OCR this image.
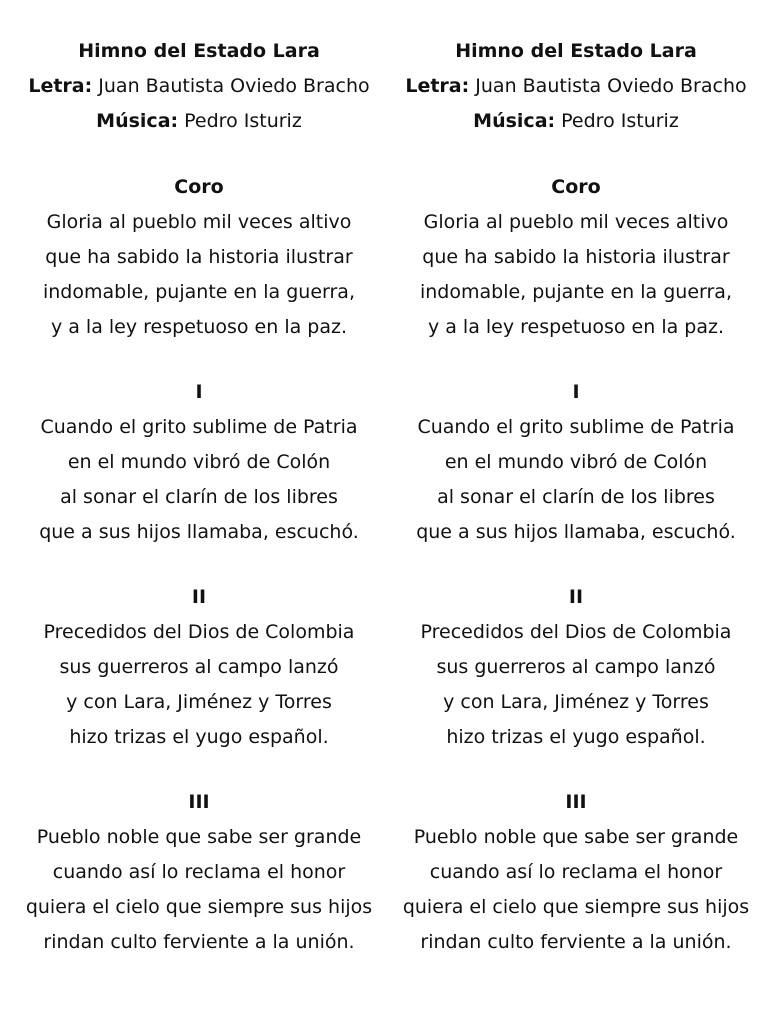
Himno del Estado Lara
Letra: Juan Bautista Oviedo Bracho
Música: Pedro Isturiz
Coro
Gloria al pueblo mil veces altivo
que ha sabido la historia ilustrar
indomable, pujante en la guerra,
y a la ley respetuoso en la paz.
I
Cuando el grito sublime de Patria
en el mundo vibró de Colón
al sonar el clarín de los libres
que a sus hijos llamaba, escuchó.
II
Precedidos del Dios de Colombia
sus guerreros al campo lanzó
y con Lara, Jiménez y Torres
hizo trizas el yugo español.
III
Pueblo noble que sabe ser grande
cuando así lo reclama el honor
quiera el cielo que siempre sus hijos
rindan culto ferviente a la unión.
Himno del Estado Lara
Letra: Juan Bautista Oviedo Bracho
Música: Pedro Isturiz
Coro
Gloria al pueblo mil veces altivo
que ha sabido la historia ilustrar
indomable, pujante en la guerra,
y a la ley respetuoso en la paz.
I
Cuando el grito sublime de Patria
en el mundo vibró de Colón
al sonar el clarín de los libres
que a sus hijos llamaba, escuchó.
II
Precedidos del Dios de Colombia
sus guerreros al campo lanzó
y con Lara, Jiménez y Torres
hizo trizas el yugo español.
III
Pueblo noble que sabe ser grande
cuando así lo reclama el honor
quiera el cielo que siempre sus hijos
rindan culto ferviente a la unión.
